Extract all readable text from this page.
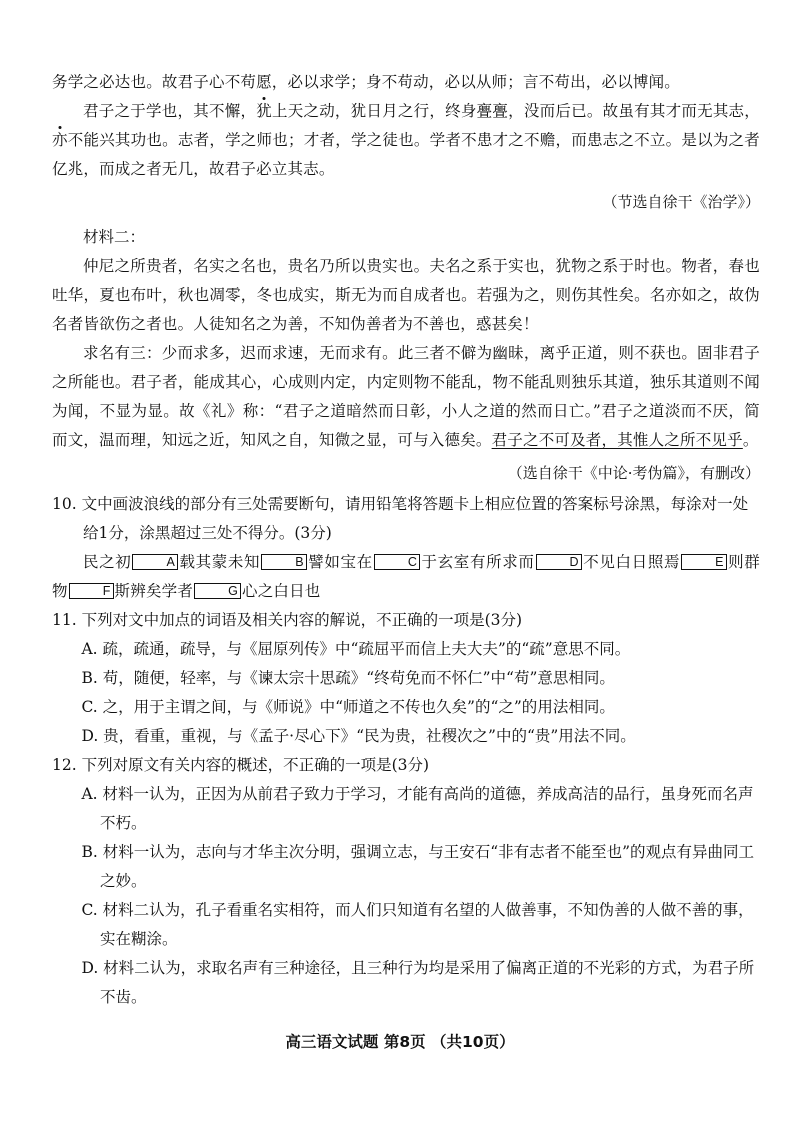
务学之必达也。故君子心不苟愿，必以求学；身不苟动，必以从师；言不苟出，必以博闻。

君子之于学也，其不懈，犹上天之动，犹日月之行，终身亹亹，没而后已。故虽有其才而无其志，亦不能兴其功也。志者，学之师也；才者，学之徒也。学者不患才之不赡，而患志之不立。是以为之者亿兆，而成之者无几，故君子必立其志。

（节选自徐干《治学》）

材料二：

仲尼之所贵者，名实之名也，贵名乃所以贵实也。夫名之系于实也，犹物之系于时也。物者，春也吐华，夏也布叶，秋也凋零，冬也成实，斯无为而自成者也。若强为之，则伤其性矣。名亦如之，故伪名者皆欲伤之者也。人徒知名之为善，不知伪善者为不善也，惑甚矣！

求名有三：少而求多，迟而求速，无而求有。此三者不僻为幽昧，离乎正道，则不获也。固非君子之所能也。君子者，能成其心，心成则内定，内定则物不能乱，物不能乱则独乐其道，独乐其道则不闻为闻，不显为显。故《礼》称：“君子之道暗然而日彰，小人之道的然而日亡。”君子之道淡而不厌，简而文，温而理，知远之近，知风之自，知微之显，可与入德矣。君子之不可及者，其惟人之所不见乎。

（选自徐干《中论·考伪篇》，有删改）

10. 文中画波浪线的部分有三处需要断句，请用铅笔将答题卡上相应位置的答案标号涂黑，每涂对一处给1分，涂黑超过三处不得分。(3分)

民之初	A 载其蒙未知	B 譬如宝在	C 于玄室有所求而	D 不见白日照焉	E 则群物	F 斯辨矣学者	G 心之白日也

11. 下列对文中加点的词语及相关内容的解说，不正确的一项是(3分)

A. 疏，疏通，疏导，与《屈原列传》中“疏屈平而信上夫大夫”的“疏”意思不同。

B. 苟，随便，轻率，与《谏太宗十思疏》“终苟免而不怀仁”中“苟”意思相同。

C. 之，用于主谓之间，与《师说》中“师道之不传也久矣”的“之”的用法相同。

D. 贵，看重，重视，与《孟子·尽心下》“民为贵，社稷次之”中的“贵”用法不同。

12. 下列对原文有关内容的概述，不正确的一项是(3分)

A. 材料一认为，正因为从前君子致力于学习，才能有高尚的道德，养成高洁的品行，虽身死而名声不朽。

B. 材料一认为，志向与才华主次分明，强调立志，与王安石“非有志者不能至也”的观点有异曲同工之妙。

C. 材料二认为，孔子看重名实相符，而人们只知道有名望的人做善事，不知伪善的人做不善的事，实在糊涂。

D. 材料二认为，求取名声有三种途径，且三种行为均是采用了偏离正道的不光彩的方式，为君子所不齿。

高三语文试题 第8页 （共10页）
